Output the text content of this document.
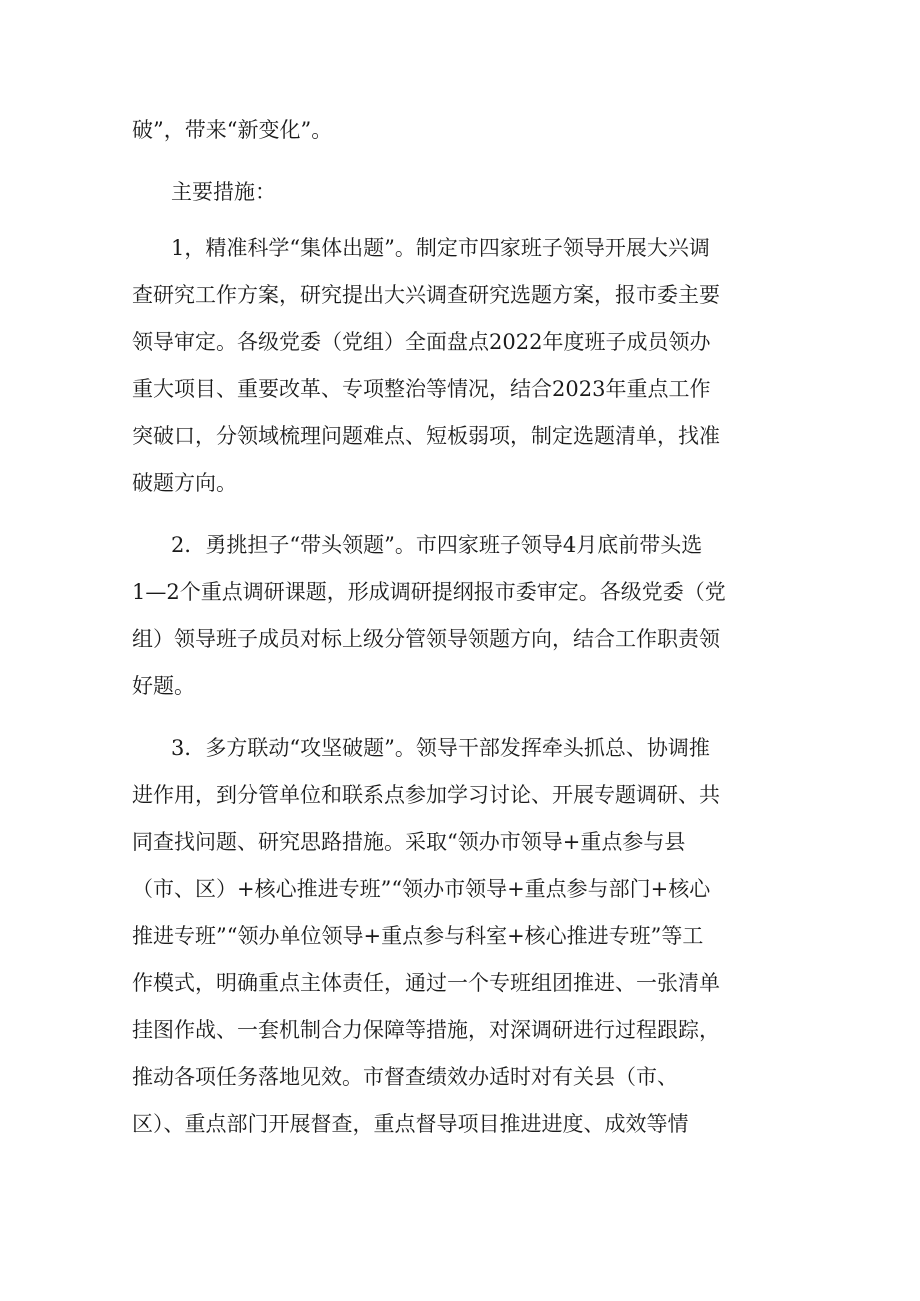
破”，带来“新变化”。
主要措施：
1，精准科学“集体出题”。制定市四家班子领导开展大兴调
查研究工作方案，研究提出大兴调查研究选题方案，报市委主要
领导审定。各级党委（党组）全面盘点2022年度班子成员领办
重大项目、重要改革、专项整治等情况，结合2023年重点工作
突破口，分领域梳理问题难点、短板弱项，制定选题清单，找准
破题方向。
2．勇挑担子“带头领题”。市四家班子领导4月底前带头选
1—2个重点调研课题，形成调研提纲报市委审定。各级党委（党
组）领导班子成员对标上级分管领导领题方向，结合工作职责领
好题。
3．多方联动“攻坚破题”。领导干部发挥牵头抓总、协调推
进作用，到分管单位和联系点参加学习讨论、开展专题调研、共
同查找问题、研究思路措施。采取“领办市领导+重点参与县
（市、区）+核心推进专班”“领办市领导+重点参与部门+核心
推进专班”“领办单位领导+重点参与科室+核心推进专班”等工
作模式，明确重点主体责任，通过一个专班组团推进、一张清单
挂图作战、一套机制合力保障等措施，对深调研进行过程跟踪，
推动各项任务落地见效。市督查绩效办适时对有关县（市、
区）、重点部门开展督查，重点督导项目推进进度、成效等情
